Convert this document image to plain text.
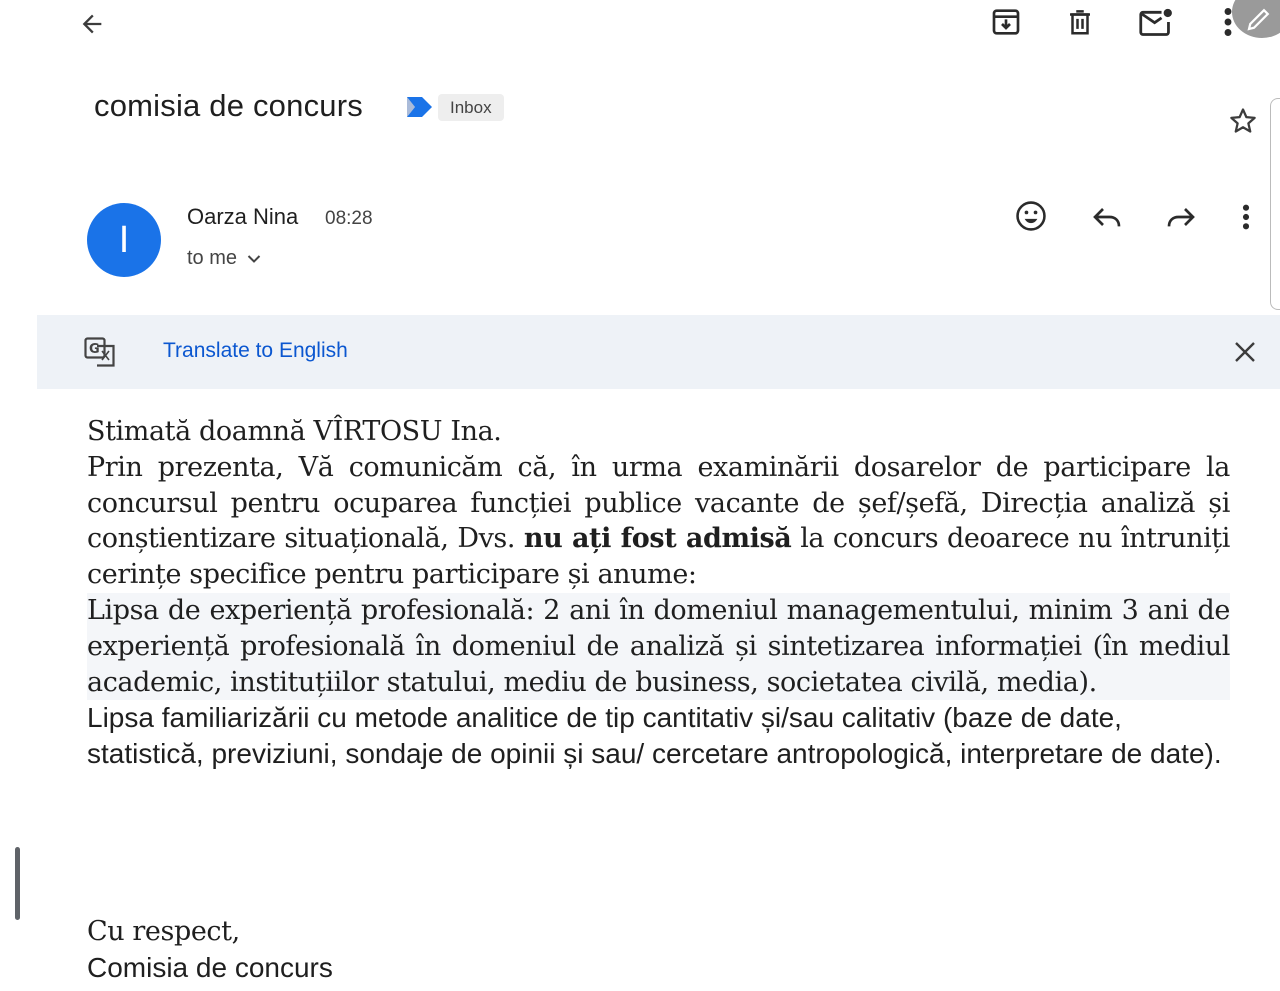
comisia de concurs	Inbox
I
Oarza Nina 08:28
to me
G	Translate to English

Stimată doamnă VÎRTOSU Ina.

Prin prezenta, Vă comunicăm că, în urma examinării dosarelor de participare la concursul pentru ocuparea funcției publice vacante de șef/șefă, Direcția analiză și conștientizare situațională, Dvs. nu ați fost admisă la concurs deoarece nu întruniți cerințe specifice pentru participare și anume:

Lipsa de experiență profesională: 2 ani în domeniul managementului, minim 3 ani de experiență profesională în domeniul de analiză și sintetizarea informației (în mediul academic, instituțiilor statului, mediu de business, societatea civilă, media).

Lipsa familiarizării cu metode analitice de tip cantitativ și/sau calitativ (baze de date, statistică, previziuni, sondaje de opinii și sau/ cercetare antropologică, interpretare de date).

Cu respect,

Comisia de concurs
